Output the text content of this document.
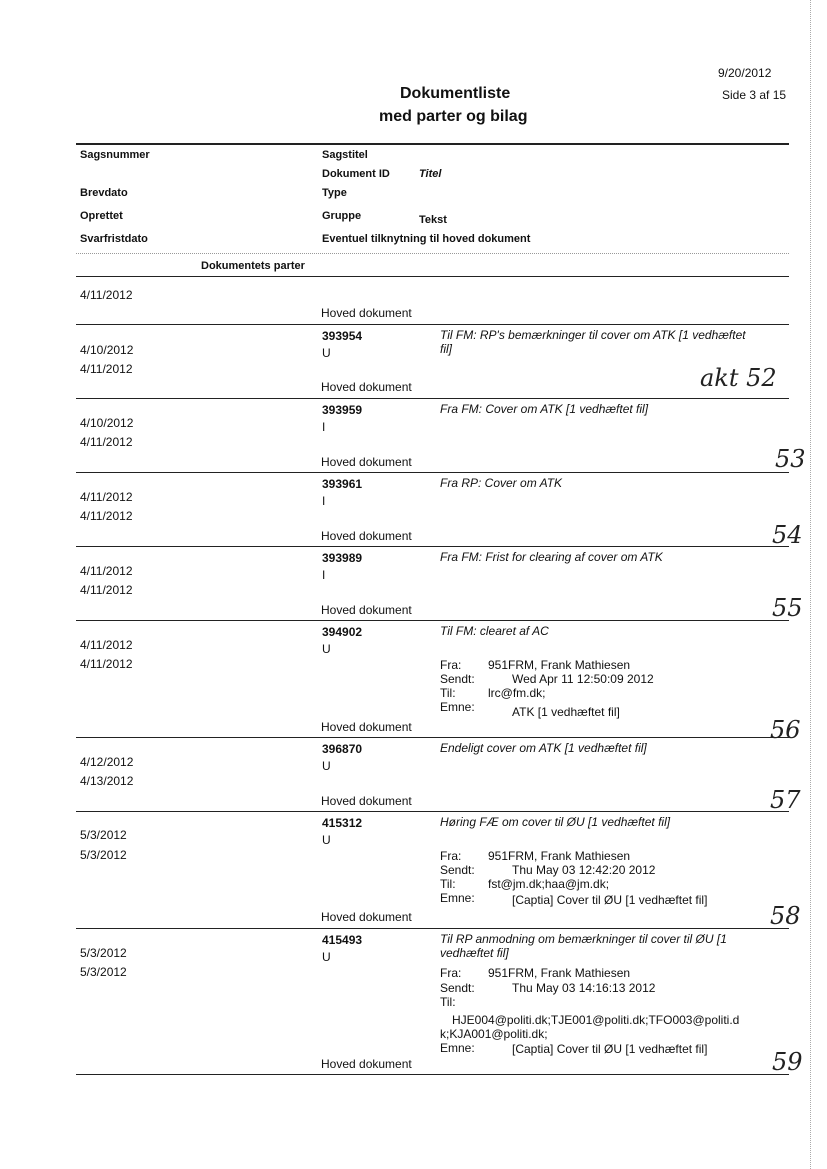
9/20/2012
Side 3 af 15
Dokumentliste
med parter og bilag
Sagsnummer	Sagstitel
Dokument ID	Titel
Brevdato	Type
Oprettet	Gruppe	Tekst
Svarfristdato	Eventuel tilknytning til hoved dokument
Dokumentets parter
4/11/2012
Hoved dokument
393954	Til FM: RP's bemærkninger til cover om ATK [1 vedhæftet fil]
4/10/2012	U
4/11/2012
Hoved dokument	akt 52
393959	Fra FM: Cover om ATK [1 vedhæftet fil]
4/10/2012	I
4/11/2012
Hoved dokument	53
393961	Fra RP: Cover om ATK
4/11/2012	I
4/11/2012
Hoved dokument	54
393989	Fra FM: Frist for clearing af cover om ATK
4/11/2012	I
4/11/2012
Hoved dokument	55
394902	Til FM: clearet af AC
4/11/2012	U
4/11/2012	Fra: 951FRM, Frank Mathiesen
Sendt:	Wed Apr 11 12:50:09 2012
Til:	lrc@fm.dk;
Emne:	ATK [1 vedhæftet fil]
Hoved dokument	56
396870	Endeligt cover om ATK [1 vedhæftet fil]
4/12/2012	U
4/13/2012
Hoved dokument	57
415312	Høring FÆ om cover til ØU [1 vedhæftet fil]
5/3/2012	U
5/3/2012	Fra: 951FRM, Frank Mathiesen
Sendt:	Thu May 03 12:42:20 2012
Til:	fst@jm.dk;haa@jm.dk;
Emne:	[Captia] Cover til ØU [1 vedhæftet fil]
Hoved dokument	58
415493	Til RP anmodning om bemærkninger til cover til ØU [1 vedhæftet fil]
5/3/2012	U
5/3/2012	Fra: 951FRM, Frank Mathiesen
Sendt:	Thu May 03 14:16:13 2012
Til:
HJE004@politi.dk;TJE001@politi.dk;TFO003@politi.d
k;KJA001@politi.dk;
Emne:	[Captia] Cover til ØU [1 vedhæftet fil]
Hoved dokument	59
